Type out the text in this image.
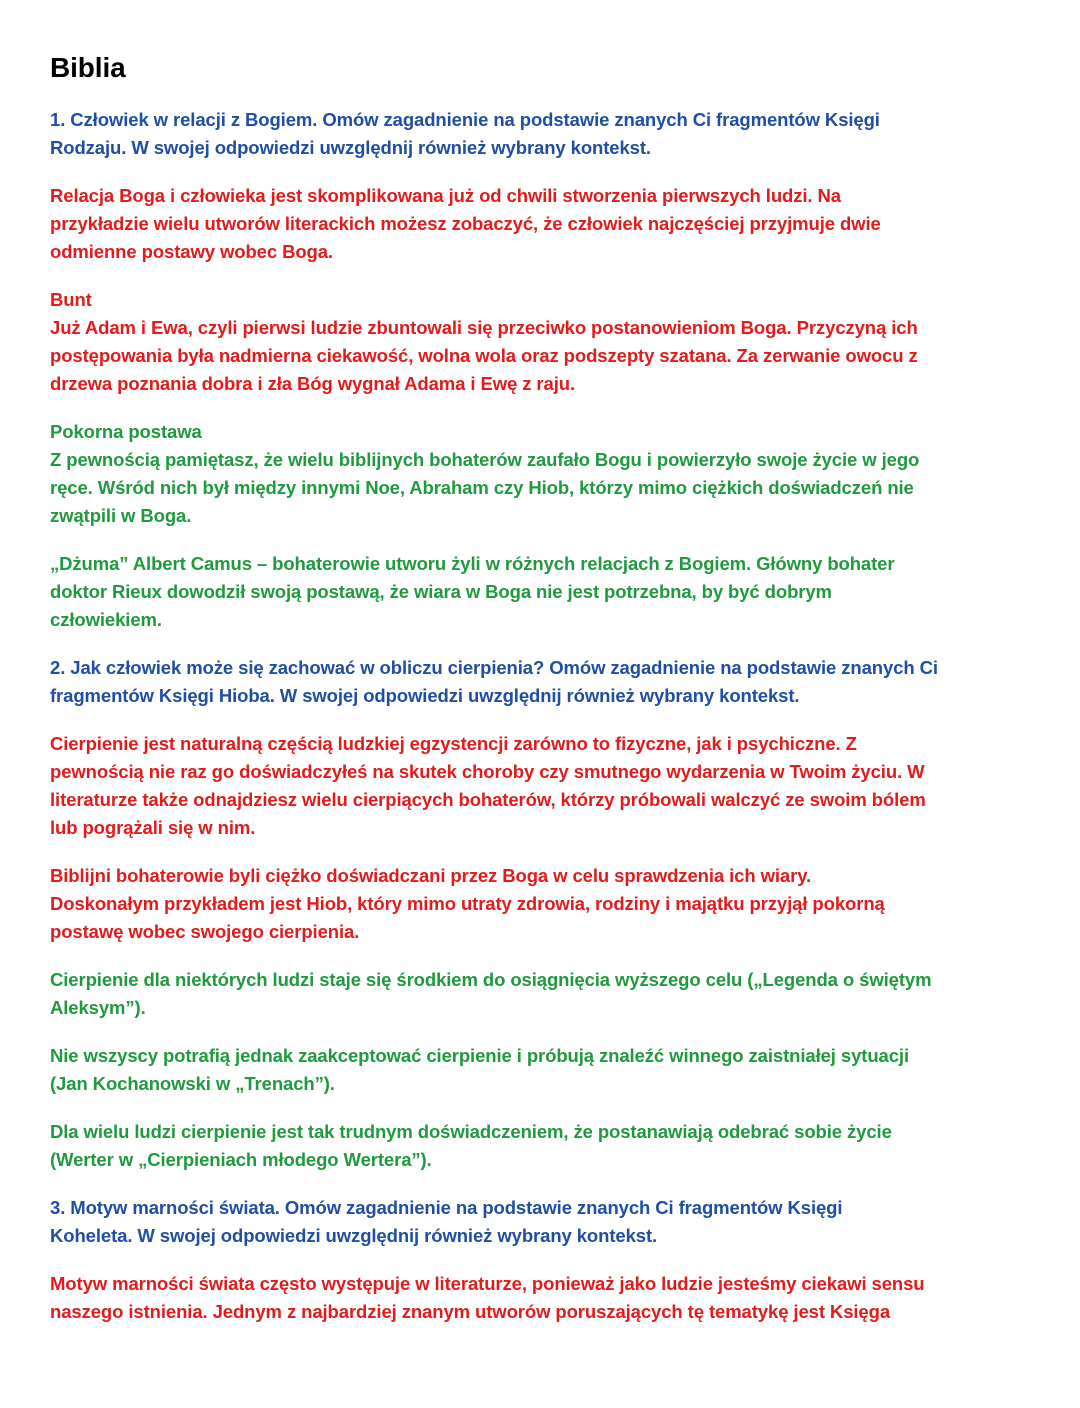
Biblia

1. Człowiek w relacji z Bogiem. Omów zagadnienie na podstawie znanych Ci fragmentów Księgi
Rodzaju. W swojej odpowiedzi uwzględnij również wybrany kontekst.

Relacja Boga i człowieka jest skomplikowana już od chwili stworzenia pierwszych ludzi. Na
przykładzie wielu utworów literackich możesz zobaczyć, że człowiek najczęściej przyjmuje dwie
odmienne postawy wobec Boga.

Bunt
Już Adam i Ewa, czyli pierwsi ludzie zbuntowali się przeciwko postanowieniom Boga. Przyczyną ich
postępowania była nadmierna ciekawość, wolna wola oraz podszepty szatana. Za zerwanie owocu z
drzewa poznania dobra i zła Bóg wygnał Adama i Ewę z raju.

Pokorna postawa
Z pewnością pamiętasz, że wielu biblijnych bohaterów zaufało Bogu i powierzyło swoje życie w jego
ręce. Wśród nich był między innymi Noe, Abraham czy Hiob, którzy mimo ciężkich doświadczeń nie
zwątpili w Boga.

„Dżuma” Albert Camus – bohaterowie utworu żyli w różnych relacjach z Bogiem. Główny bohater
doktor Rieux dowodził swoją postawą, że wiara w Boga nie jest potrzebna, by być dobrym
człowiekiem.

2. Jak człowiek może się zachować w obliczu cierpienia? Omów zagadnienie na podstawie znanych Ci
fragmentów Księgi Hioba. W swojej odpowiedzi uwzględnij również wybrany kontekst.

Cierpienie jest naturalną częścią ludzkiej egzystencji zarówno to fizyczne, jak i psychiczne. Z
pewnością nie raz go doświadczyłeś na skutek choroby czy smutnego wydarzenia w Twoim życiu. W
literaturze także odnajdziesz wielu cierpiących bohaterów, którzy próbowali walczyć ze swoim bólem
lub pogrążali się w nim.

Biblijni bohaterowie byli ciężko doświadczani przez Boga w celu sprawdzenia ich wiary.
Doskonałym przykładem jest Hiob, który mimo utraty zdrowia, rodziny i majątku przyjął pokorną
postawę wobec swojego cierpienia.

Cierpienie dla niektórych ludzi staje się środkiem do osiągnięcia wyższego celu („Legenda o świętym
Aleksym”).

Nie wszyscy potrafią jednak zaakceptować cierpienie i próbują znaleźć winnego zaistniałej sytuacji
(Jan Kochanowski w „Trenach”).

Dla wielu ludzi cierpienie jest tak trudnym doświadczeniem, że postanawiają odebrać sobie życie
(Werter w „Cierpieniach młodego Wertera”).

3. Motyw marności świata. Omów zagadnienie na podstawie znanych Ci fragmentów Księgi
Koheleta. W swojej odpowiedzi uwzględnij również wybrany kontekst.

Motyw marności świata często występuje w literaturze, ponieważ jako ludzie jesteśmy ciekawi sensu
naszego istnienia. Jednym z najbardziej znanym utworów poruszających tę tematykę jest Księga
